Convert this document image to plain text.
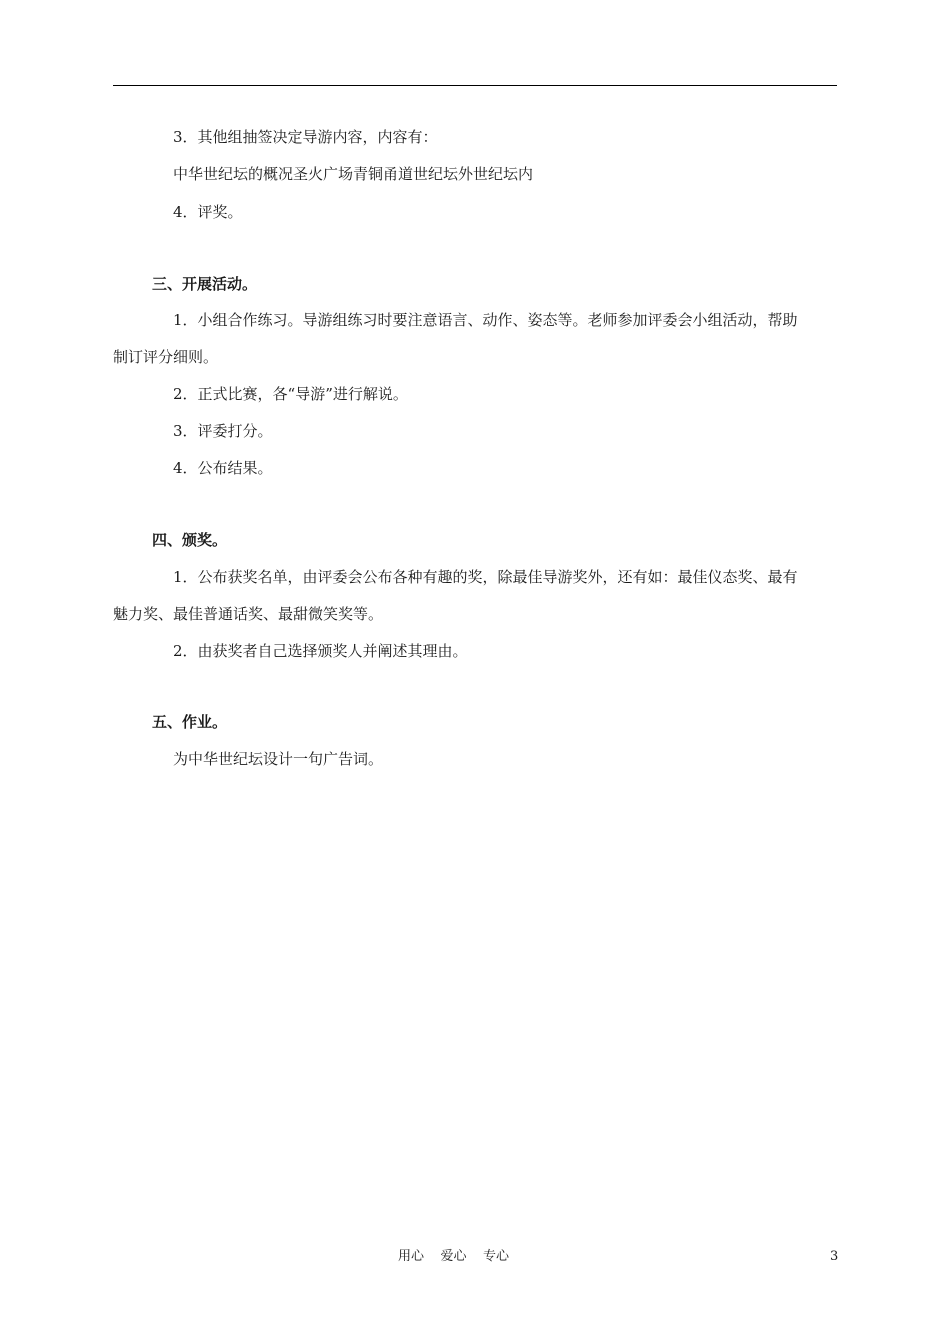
3．其他组抽签决定导游内容，内容有：
中华世纪坛的概况圣火广场青铜甬道世纪坛外世纪坛内
4．评奖。
三、开展活动。
1．小组合作练习。导游组练习时要注意语言、动作、姿态等。老师参加评委会小组活动，帮助
制订评分细则。
2．正式比赛，各“导游”进行解说。
3．评委打分。
4．公布结果。
四、颁奖。
1．公布获奖名单，由评委会公布各种有趣的奖，除最佳导游奖外，还有如：最佳仪态奖、最有
魅力奖、最佳普通话奖、最甜微笑奖等。
2．由获奖者自己选择颁奖人并阐述其理由。
五、作业。
为中华世纪坛设计一句广告词。
用心    爱心    专心	3
